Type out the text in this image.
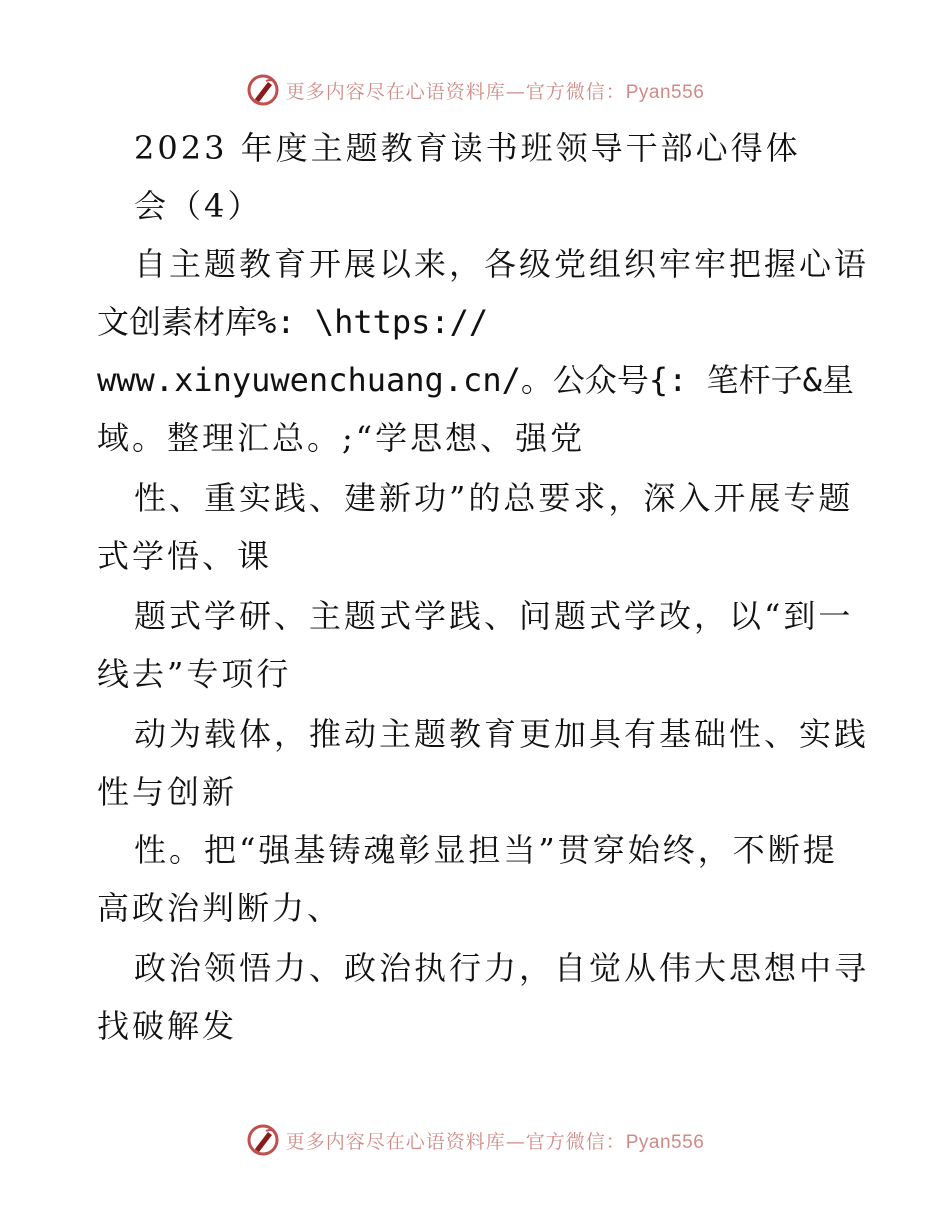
更多内容尽在心语资料库—官方微信：Pyan556
2023 年度主题教育读书班领导干部心得体
会（4）
自主题教育开展以来，各级党组织牢牢把握心语
文创素材库%: \https://
www.xinyuwenchuang.cn/。公众号{: 笔杆子&星
域。整理汇总。;“学思想、强党
性、重实践、建新功”的总要求，深入开展专题
式学悟、课
题式学研、主题式学践、问题式学改，以“到一
线去”专项行
动为载体，推动主题教育更加具有基础性、实践
性与创新
性。把“强基铸魂彰显担当”贯穿始终，不断提
高政治判断力、
政治领悟力、政治执行力，自觉从伟大思想中寻
找破解发
更多内容尽在心语资料库—官方微信：Pyan556
